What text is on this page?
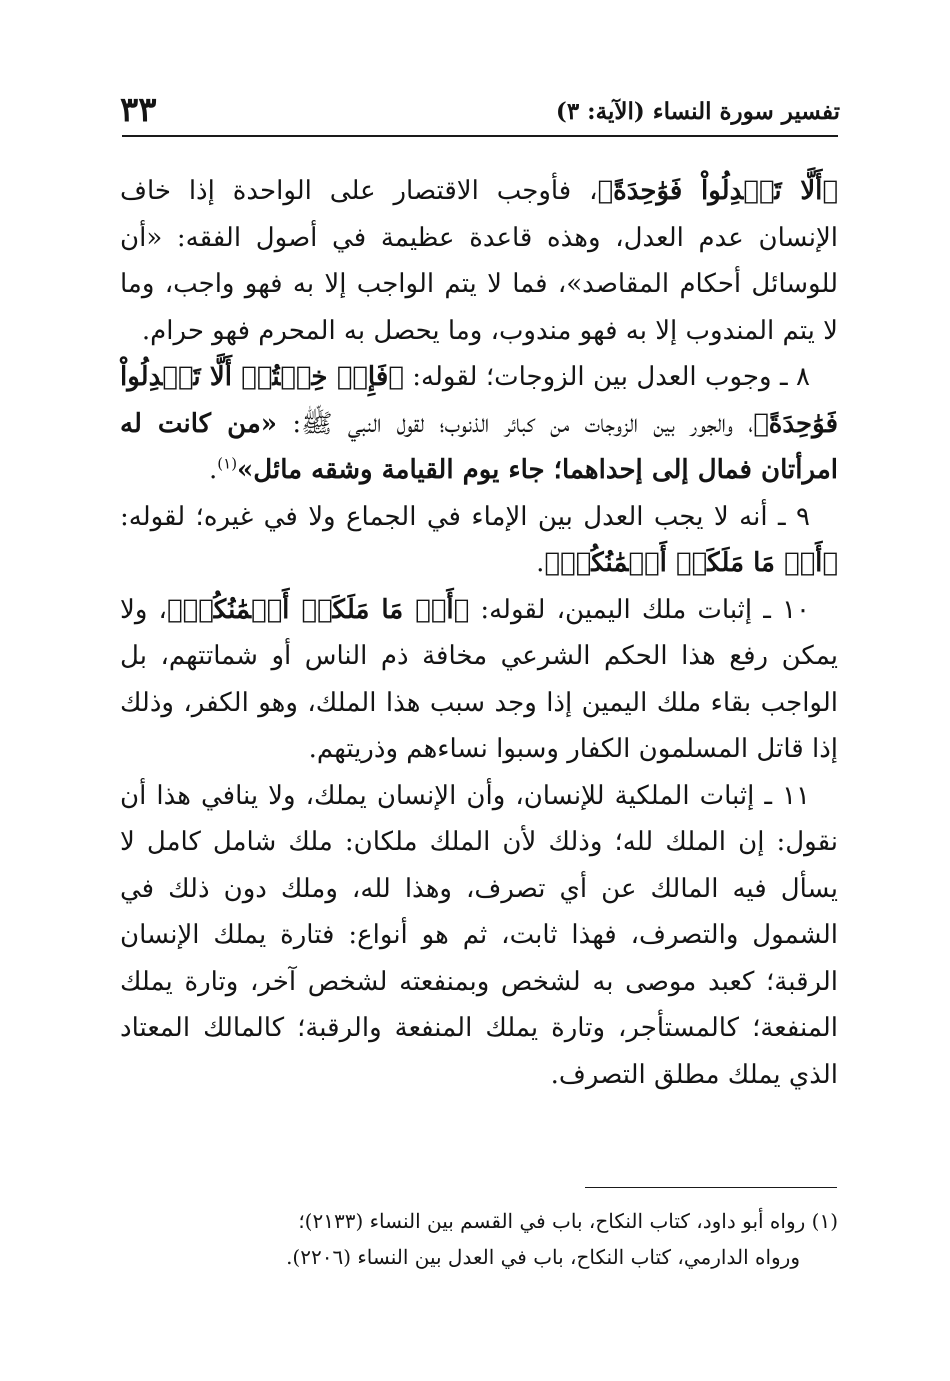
٣٣	تفسير سورة النساء (الآية: ٣)

﴿أَلَّا تَعۡدِلُواْ فَوَٰحِدَةً﴾، فأوجب الاقتصار على الواحدة إذا خاف الإنسان عدم العدل، وهذه قاعدة عظيمة في أصول الفقه: «أن للوسائل أحكام المقاصد»، فما لا يتم الواجب إلا به فهو واجب، وما لا يتم المندوب إلا به فهو مندوب، وما يحصل به المحرم فهو حرام.

٨ ـ وجوب العدل بين الزوجات؛ لقوله: ﴿فَإِنۡ خِفۡتُمۡ أَلَّا تَعۡدِلُواْ فَوَٰحِدَةً﴾، والجور بين الزوجات من كبائر الذنوب؛ لقول النبي ﷺ: «من كانت له امرأتان فمال إلى إحداهما؛ جاء يوم القيامة وشقه مائل»$^{(١)}$.

٩ ـ أنه لا يجب العدل بين الإماء في الجماع ولا في غيره؛ لقوله: ﴿أَوۡ مَا مَلَكَتۡ أَيۡمَٰنُكُمۡ﴾.

١٠ ـ إثبات ملك اليمين، لقوله: ﴿أَوۡ مَا مَلَكَتۡ أَيۡمَٰنُكُمۡ﴾، ولا يمكن رفع هذا الحكم الشرعي مخافة ذم الناس أو شماتتهم، بل الواجب بقاء ملك اليمين إذا وجد سبب هذا الملك، وهو الكفر، وذلك إذا قاتل المسلمون الكفار وسبوا نساءهم وذريتهم.

١١ ـ إثبات الملكية للإنسان، وأن الإنسان يملك، ولا ينافي هذا أن نقول: إن الملك لله؛ وذلك لأن الملك ملكان: ملك شامل كامل لا يسأل فيه المالك عن أي تصرف، وهذا لله، وملك دون ذلك في الشمول والتصرف، فهذا ثابت، ثم هو أنواع: فتارة يملك الإنسان الرقبة؛ كعبد موصى به لشخص وبمنفعته لشخص آخر، وتارة يملك المنفعة؛ كالمستأجر، وتارة يملك المنفعة والرقبة؛ كالمالك المعتاد الذي يملك مطلق التصرف.

(١) رواه أبو داود، كتاب النكاح، باب في القسم بين النساء (٢١٣٣)؛

ورواه الدارمي، كتاب النكاح، باب في العدل بين النساء (٢٢٠٦).
